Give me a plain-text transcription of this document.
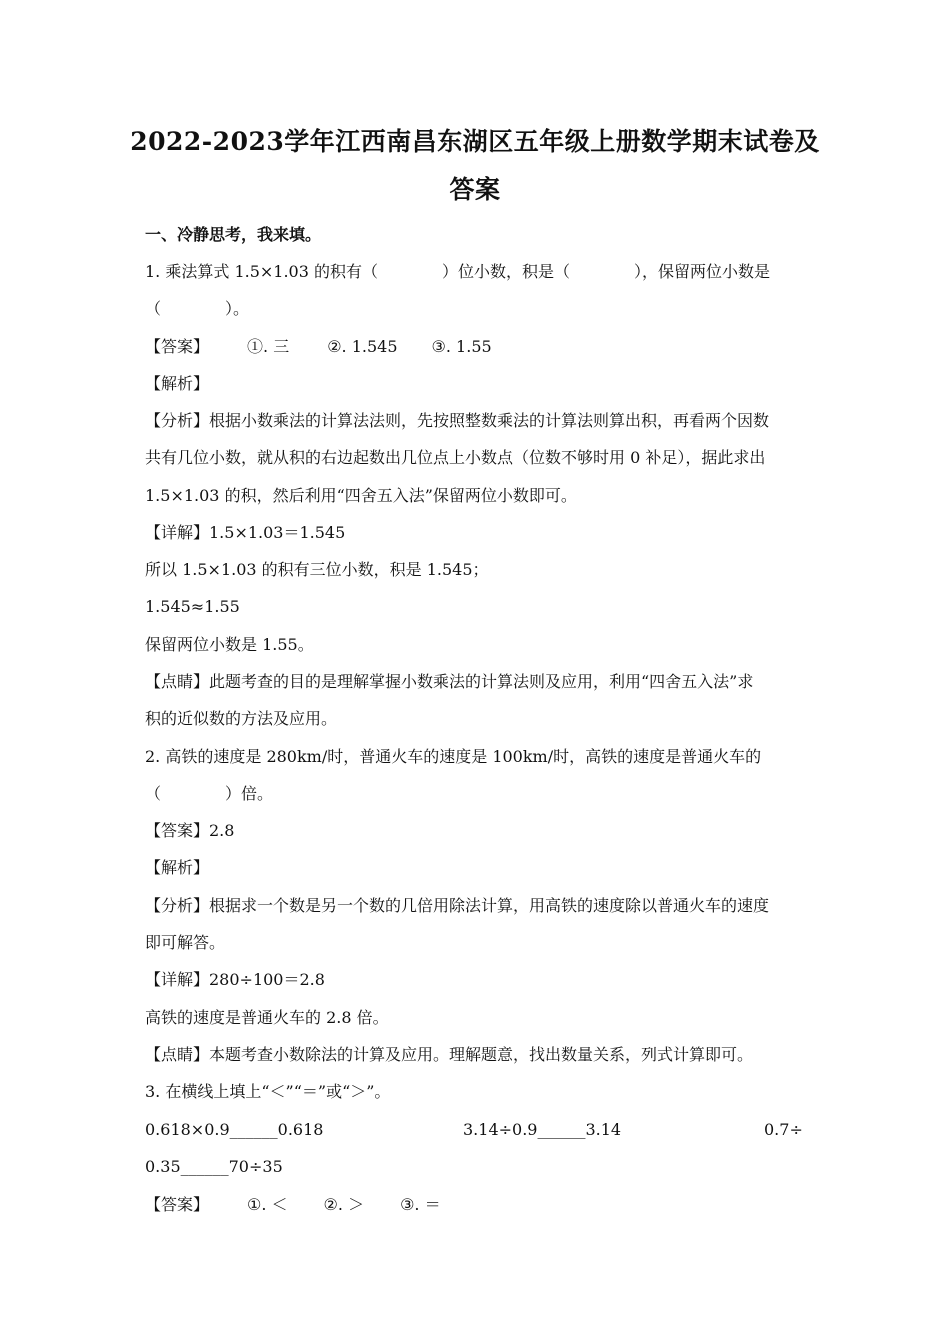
2022-2023学年江西南昌东湖区五年级上册数学期末试卷及
答案
一、冷静思考，我来填。
1. 乘法算式 1.5×1.03 的积有（　　　　）位小数，积是（　　　　），保留两位小数是
（　　　　）。
【答案】 ①. 三 ②. 1.545 ③. 1.55
【解析】
【分析】根据小数乘法的计算法法则，先按照整数乘法的计算法则算出积，再看两个因数
共有几位小数，就从积的右边起数出几位点上小数点（位数不够时用 0 补足），据此求出
1.5×1.03 的积，然后利用“四舍五入法”保留两位小数即可。
【详解】1.5×1.03＝1.545
所以 1.5×1.03 的积有三位小数，积是 1.545；
1.545≈1.55
保留两位小数是 1.55。
【点睛】此题考查的目的是理解掌握小数乘法的计算法则及应用，利用“四舍五入法”求
积的近似数的方法及应用。
2. 高铁的速度是 280km/时，普通火车的速度是 100km/时，高铁的速度是普通火车的
（　　　　）倍。
【答案】2.8
【解析】
【分析】根据求一个数是另一个数的几倍用除法计算，用高铁的速度除以普通火车的速度
即可解答。
【详解】280÷100＝2.8
高铁的速度是普通火车的 2.8 倍。
【点睛】本题考查小数除法的计算及应用。理解题意，找出数量关系，列式计算即可。
3. 在横线上填上“＜”“＝”或“＞”。
0.618×0.9______0.618	3.14÷0.9______3.14	0.7÷
0.35______70÷35
【答案】 ①. ＜ ②. ＞ ③. ＝
